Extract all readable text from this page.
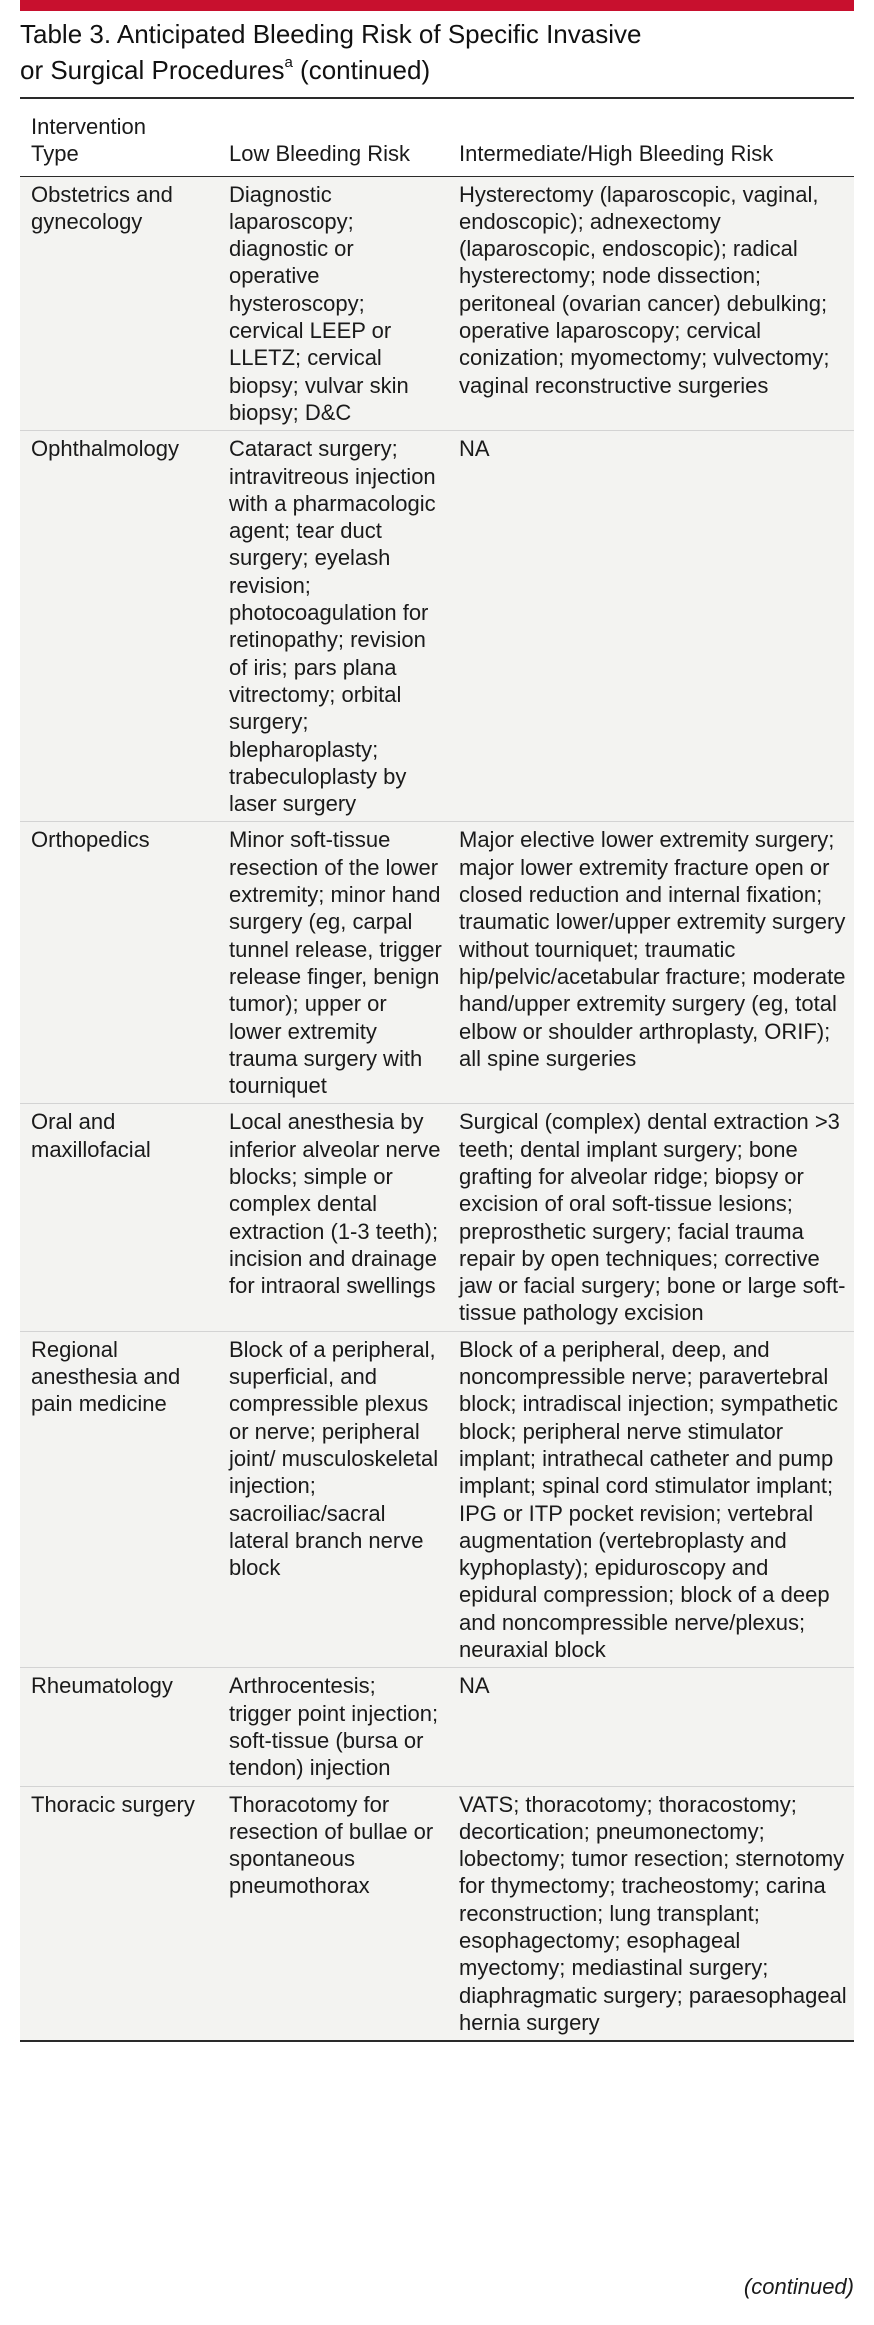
Table 3. Anticipated Bleeding Risk of Specific Invasive
or Surgical Procedures$^a$ (continued)
Intervention
Type	Low Bleeding Risk	Intermediate/High Bleeding Risk
Obstetrics and gynecology	Diagnostic laparoscopy; diagnostic or operative hysteroscopy; cervical LEEP or LLETZ; cervical biopsy; vulvar skin biopsy; D&C	Hysterectomy (laparoscopic, vaginal, endoscopic); adnexectomy (laparoscopic, endoscopic); radical hysterectomy; node dissection; peritoneal (ovarian cancer) debulking; operative laparoscopy; cervical conization; myomectomy; vulvectomy; vaginal reconstructive surgeries
Ophthalmology	Cataract surgery; intravitreous injection with a pharmacologic agent; tear duct surgery; eyelash revision; photocoagulation for retinopathy; revision of iris; pars plana vitrectomy; orbital surgery; blepharoplasty; trabeculoplasty by laser surgery	NA
Orthopedics	Minor soft-tissue resection of the lower extremity; minor hand surgery (eg, carpal tunnel release, trigger release finger, benign tumor); upper or lower extremity trauma surgery with tourniquet	Major elective lower extremity surgery; major lower extremity fracture open or closed reduction and internal fixation; traumatic lower/upper extremity surgery without tourniquet; traumatic hip/pelvic/acetabular fracture; moderate hand/upper extremity surgery (eg, total elbow or shoulder arthroplasty, ORIF); all spine surgeries
Oral and maxillofacial	Local anesthesia by inferior alveolar nerve blocks; simple or complex dental extraction (1-3 teeth); incision and drainage for intraoral swellings	Surgical (complex) dental extraction >3 teeth; dental implant surgery; bone grafting for alveolar ridge; biopsy or excision of oral soft-tissue lesions; preprosthetic surgery; facial trauma repair by open techniques; corrective jaw or facial surgery; bone or large soft-tissue pathology excision
Regional anesthesia and pain medicine	Block of a peripheral, superficial, and compressible plexus or nerve; peripheral joint/ musculoskeletal injection; sacroiliac/sacral lateral branch nerve block	Block of a peripheral, deep, and noncompressible nerve; paravertebral block; intradiscal injection; sympathetic block; peripheral nerve stimulator implant; intrathecal catheter and pump implant; spinal cord stimulator implant; IPG or ITP pocket revision; vertebral augmentation (vertebroplasty and kyphoplasty); epiduroscopy and epidural compression; block of a deep and noncompressible nerve/plexus; neuraxial block
Rheumatology	Arthrocentesis; trigger point injection; soft-tissue (bursa or tendon) injection	NA
Thoracic surgery	Thoracotomy for resection of bullae or spontaneous pneumothorax	VATS; thoracotomy; thoracostomy; decortication; pneumonectomy; lobectomy; tumor resection; sternotomy for thymectomy; tracheostomy; carina reconstruction; lung transplant; esophagectomy; esophageal myectomy; mediastinal surgery; diaphragmatic surgery; paraesophageal hernia surgery
(continued)
